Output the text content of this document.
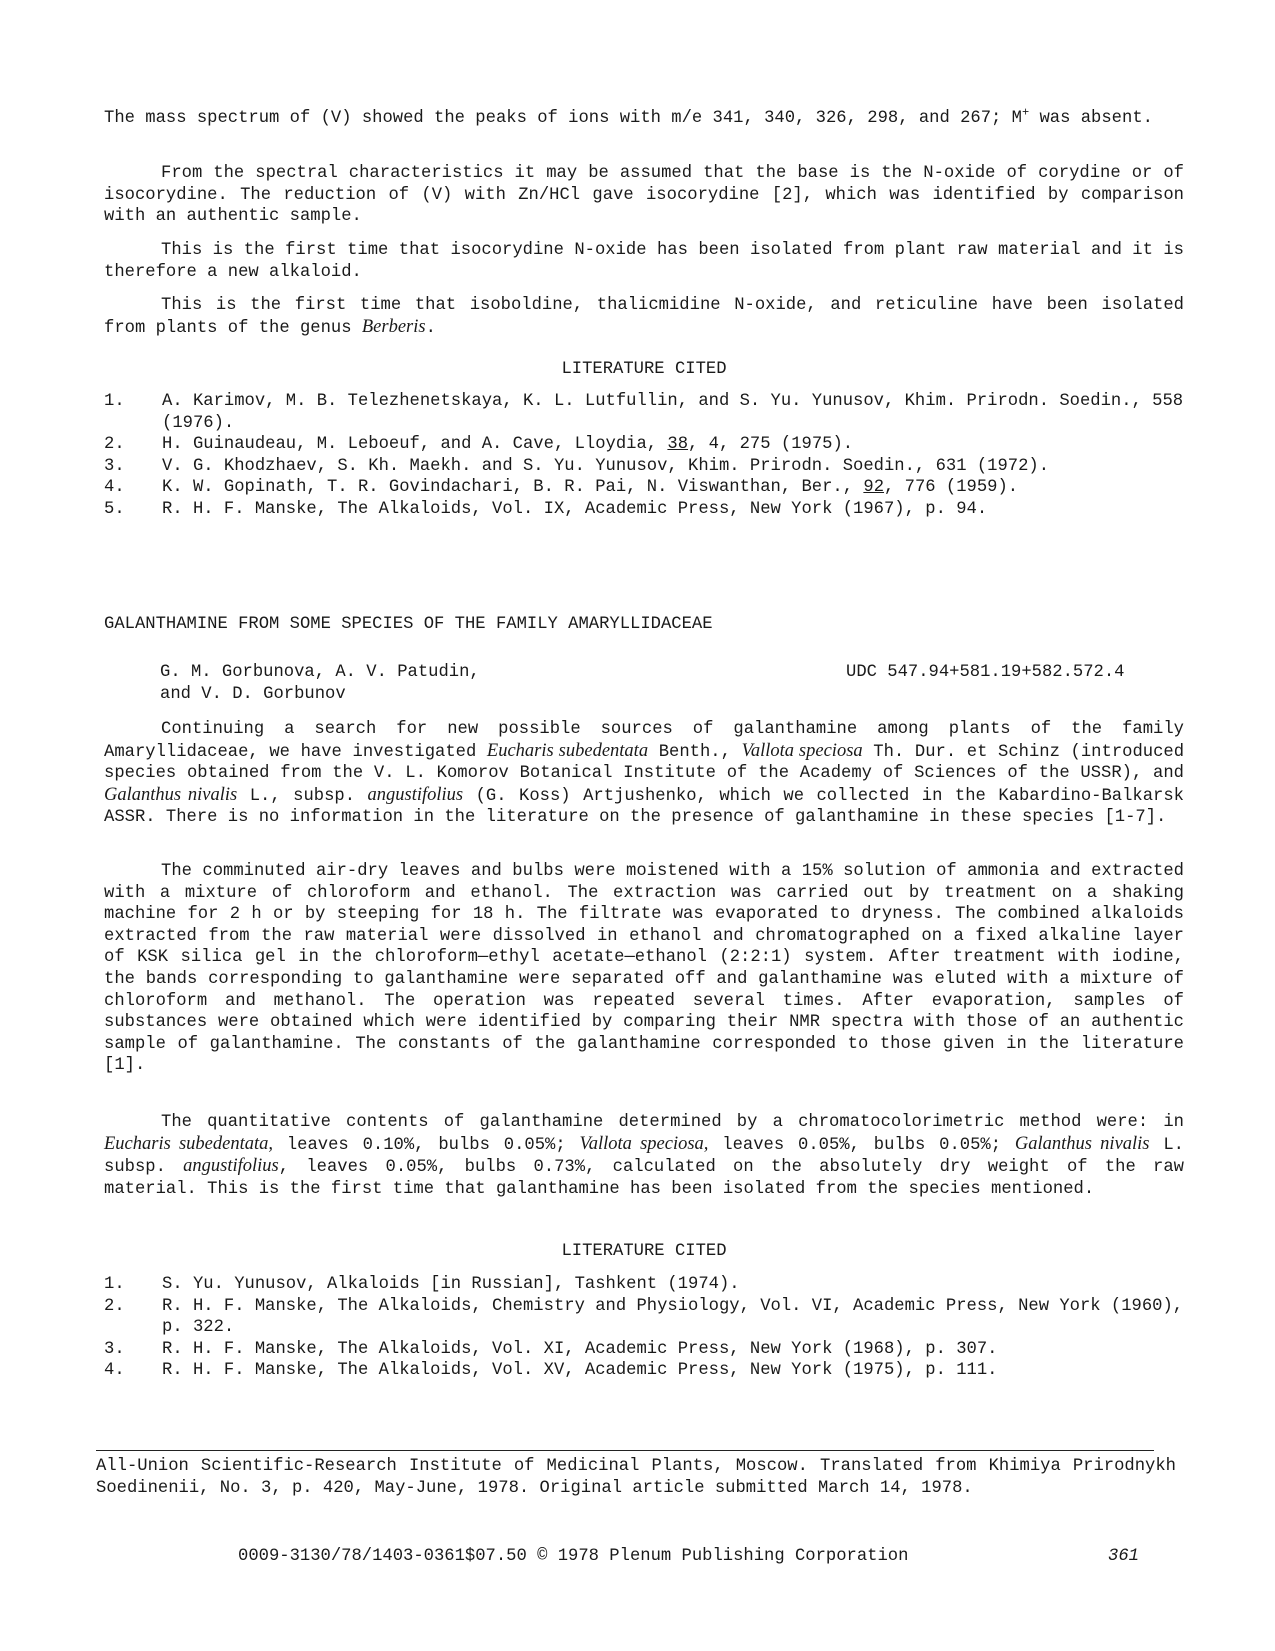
The mass spectrum of (V) showed the peaks of ions with m/e 341, 340, 326, 298, and 267; M+ was absent.

From the spectral characteristics it may be assumed that the base is the N-oxide of corydine or of isocorydine. The reduction of (V) with Zn/HCl gave isocorydine [2], which was identified by comparison with an authentic sample.

This is the first time that isocorydine N-oxide has been isolated from plant raw material and it is therefore a new alkaloid.

This is the first time that isoboldine, thalicmidine N-oxide, and reticuline have been isolated from plants of the genus Berberis.

LITERATURE CITED
1.	A. Karimov, M. B. Telezhenetskaya, K. L. Lutfullin, and S. Yu. Yunusov, Khim. Prirodn. Soedin., 558 (1976).
2.	H. Guinaudeau, M. Leboeuf, and A. Cave, Lloydia, 38, 4, 275 (1975).
3.	V. G. Khodzhaev, S. Kh. Maekh. and S. Yu. Yunusov, Khim. Prirodn. Soedin., 631 (1972).
4.	K. W. Gopinath, T. R. Govindachari, B. R. Pai, N. Viswanthan, Ber., 92, 776 (1959).
5.	R. H. F. Manske, The Alkaloids, Vol. IX, Academic Press, New York (1967), p. 94.
GALANTHAMINE FROM SOME SPECIES OF THE FAMILY AMARYLLIDACEAE
G. M. Gorbunova, A. V. Patudin,
and V. D. Gorbunov
UDC 547.94+581.19+582.572.4

Continuing a search for new possible sources of galanthamine among plants of the family Amaryllidaceae, we have investigated Eucharis subedentata Benth., Vallota speciosa Th. Dur. et Schinz (introduced species obtained from the V. L. Komorov Botanical Institute of the Academy of Sciences of the USSR), and Galanthus nivalis L., subsp. angustifolius (G. Koss) Artjushenko, which we collected in the Kabardino-Balkarsk ASSR. There is no information in the literature on the presence of galanthamine in these species [1-7].

The comminuted air-dry leaves and bulbs were moistened with a 15% solution of ammonia and extracted with a mixture of chloroform and ethanol. The extraction was carried out by treatment on a shaking machine for 2 h or by steeping for 18 h. The filtrate was evaporated to dryness. The combined alkaloids extracted from the raw material were dissolved in ethanol and chromatographed on a fixed alkaline layer of KSK silica gel in the chloroform—ethyl acetate—ethanol (2:2:1) system. After treatment with iodine, the bands corresponding to galanthamine were separated off and galanthamine was eluted with a mixture of chloroform and methanol. The operation was repeated several times. After evaporation, samples of substances were obtained which were identified by comparing their NMR spectra with those of an authentic sample of galanthamine. The constants of the galanthamine corresponded to those given in the literature [1].

The quantitative contents of galanthamine determined by a chromatocolorimetric method were: in Eucharis subedentata, leaves 0.10%, bulbs 0.05%; Vallota speciosa, leaves 0.05%, bulbs 0.05%; Galanthus nivalis L. subsp. angustifolius, leaves 0.05%, bulbs 0.73%, calculated on the absolutely dry weight of the raw material. This is the first time that galanthamine has been isolated from the species mentioned.

LITERATURE CITED
1.	S. Yu. Yunusov, Alkaloids [in Russian], Tashkent (1974).
2.	R. H. F. Manske, The Alkaloids, Chemistry and Physiology, Vol. VI, Academic Press, New York (1960), p. 322.
3.	R. H. F. Manske, The Alkaloids, Vol. XI, Academic Press, New York (1968), p. 307.
4.	R. H. F. Manske, The Alkaloids, Vol. XV, Academic Press, New York (1975), p. 111.

All-Union Scientific-Research Institute of Medicinal Plants, Moscow. Translated from Khimiya Prirodnykh Soedinenii, No. 3, p. 420, May-June, 1978. Original article submitted March 14, 1978.

0009-3130/78/1403-0361$07.50 © 1978 Plenum Publishing Corporation	361
